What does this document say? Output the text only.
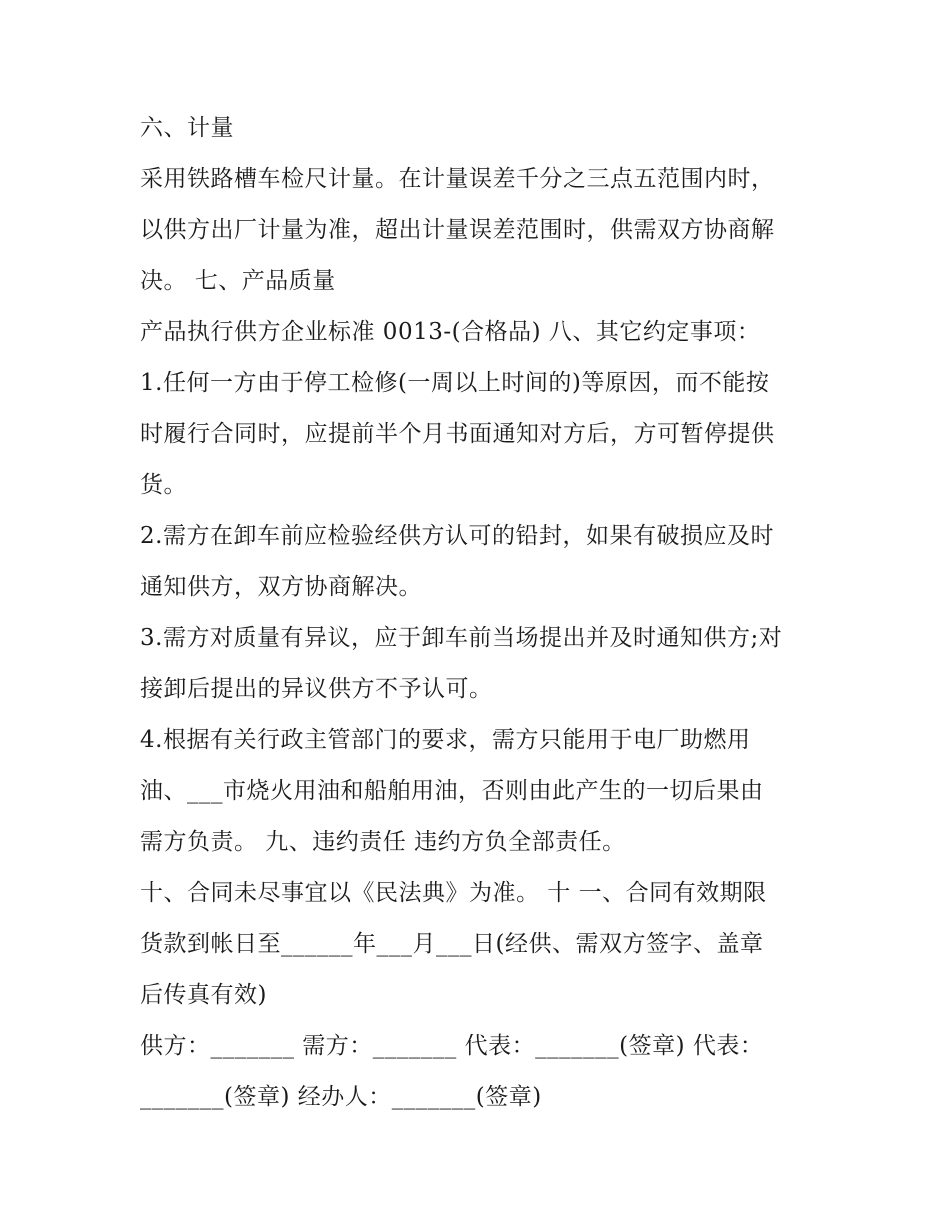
六、计量
采用铁路槽车检尺计量。在计量误差千分之三点五范围内时，
以供方出厂计量为准，超出计量误差范围时，供需双方协商解
决。 七、产品质量
产品执行供方企业标准 0013-(合格品) 八、其它约定事项：
1.任何一方由于停工检修(一周以上时间的)等原因，而不能按
时履行合同时，应提前半个月书面通知对方后，方可暂停提供
货。
2.需方在卸车前应检验经供方认可的铅封，如果有破损应及时
通知供方，双方协商解决。
3.需方对质量有异议，应于卸车前当场提出并及时通知供方;对
接卸后提出的异议供方不予认可。
4.根据有关行政主管部门的要求，需方只能用于电厂助燃用
油、___市烧火用油和船舶用油，否则由此产生的一切后果由
需方负责。 九、违约责任 违约方负全部责任。
十、合同未尽事宜以《民法典》为准。 十 一、合同有效期限
货款到帐日至______年___月___日(经供、需双方签字、盖章
后传真有效)
供方：_______ 需方：_______ 代表：_______(签章) 代表：
_______(签章) 经办人：_______(签章)
